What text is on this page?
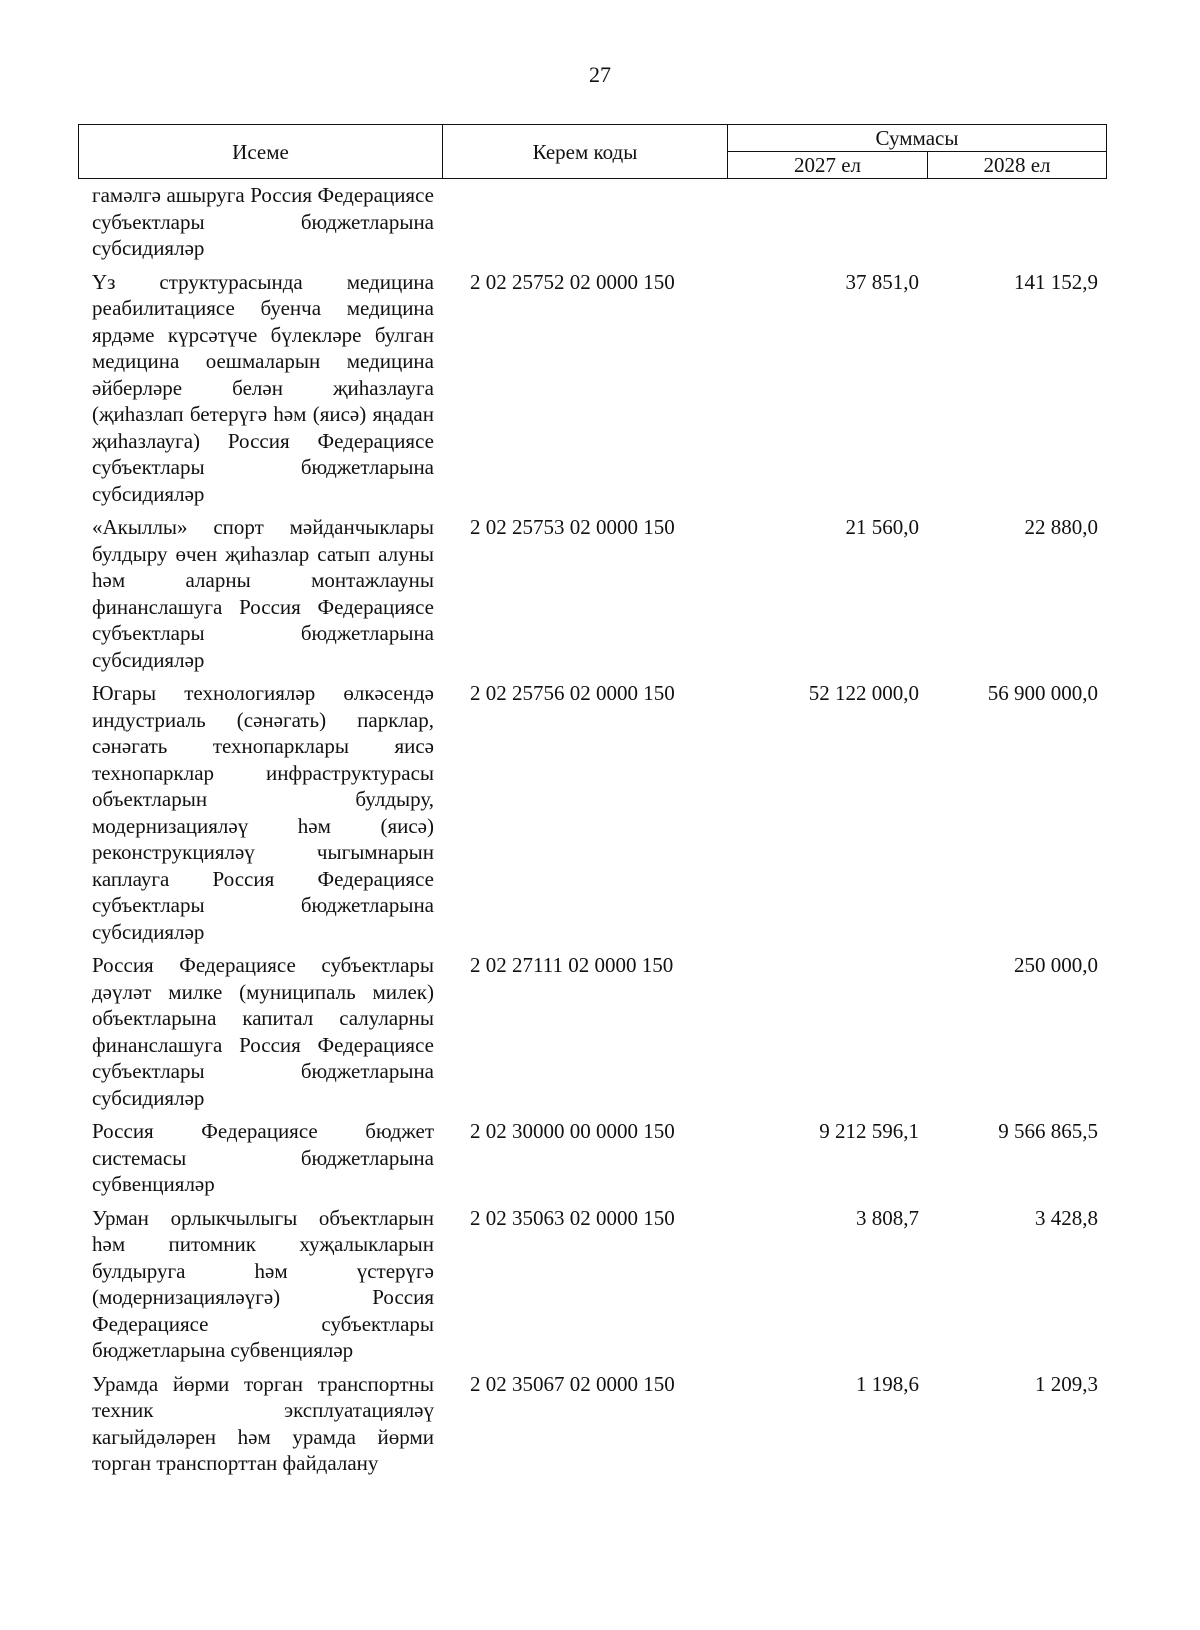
27
Исеме	Керем коды	Суммасы	
		2027 ел	2028 ел
гамәлгә ашыруга Россия Федерациясе субъектлары бюджетларына субсидияләр			
Үз структурасында медицина реабилитациясе буенча медицина ярдәме күрсәтүче бүлекләре булган медицина оешмаларын медицина әйберләре белән җиһазлауга (җиһазлап бетерүгә һәм (яисә) яңадан җиһазлауга) Россия Федерациясе субъектлары бюджетларына субсидияләр	2 02 25752 02 0000 150	37 851,0	141 152,9
«Акыллы» спорт мәйданчыклары булдыру өчен җиһазлар сатып алуны һәм аларны монтажлауны финанслашуга Россия Федерациясе субъектлары бюджетларына субсидияләр	2 02 25753 02 0000 150	21 560,0	22 880,0
Югары технологияләр өлкәсендә индустриаль (сәнәгать) парклар, сәнәгать технопарклары яисә технопарклар инфраструктурасы объектларын булдыру, модернизацияләү һәм (яисә) реконструкцияләү чыгымнарын каплауга Россия Федерациясе субъектлары бюджетларына субсидияләр	2 02 25756 02 0000 150	52 122 000,0	56 900 000,0
Россия Федерациясе субъектлары дәүләт милке (муниципаль милек) объектларына капитал салуларны финанслашуга Россия Федерациясе субъектлары бюджетларына субсидияләр	2 02 27111 02 0000 150		250 000,0
Россия Федерациясе бюджет системасы бюджетларына субвенцияләр	2 02 30000 00 0000 150	9 212 596,1	9 566 865,5
Урман орлыкчылыгы объектларын һәм питомник хуҗалыкларын булдыруга һәм үстерүгә (модернизацияләүгә) Россия Федерациясе субъектлары бюджетларына субвенцияләр	2 02 35063 02 0000 150	3 808,7	3 428,8
Урамда йөрми торган транспортны техник эксплуатацияләү кагыйдәләрен һәм урамда йөрми торган транспорттан файдалану	2 02 35067 02 0000 150	1 198,6	1 209,3
